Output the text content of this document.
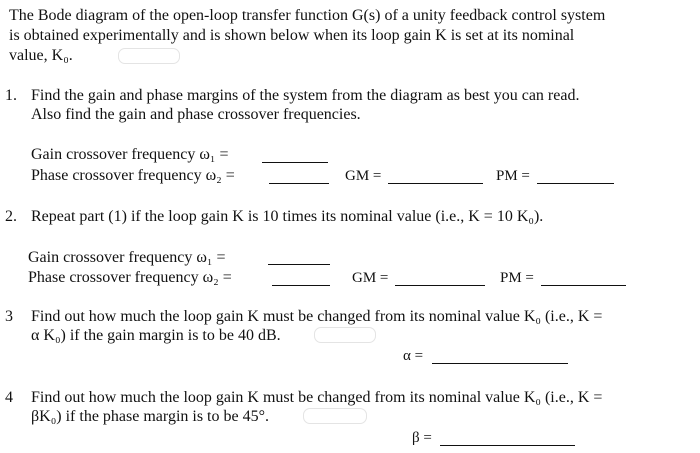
The Bode diagram of the open-loop transfer function G(s) of a unity feedback control system
is obtained experimentally and is shown below when its loop gain K is set at its nominal
value, K₀.
1. Find the gain and phase margins of the system from the diagram as best you can read.
Also find the gain and phase crossover frequencies.
Gain crossover frequency ω₁ =
Phase crossover frequency ω₂ =	GM =	PM =
2. Repeat part (1) if the loop gain K is 10 times its nominal value (i.e., K = 10 K₀).
Gain crossover frequency ω₁ =
Phase crossover frequency ω₂ =	GM =	PM =
3 Find out how much the loop gain K must be changed from its nominal value K₀ (i.e., K =
α K₀) if the gain margin is to be 40 dB.
α =
4 Find out how much the loop gain K must be changed from its nominal value K₀ (i.e., K =
βK₀) if the phase margin is to be 45°.
β =
